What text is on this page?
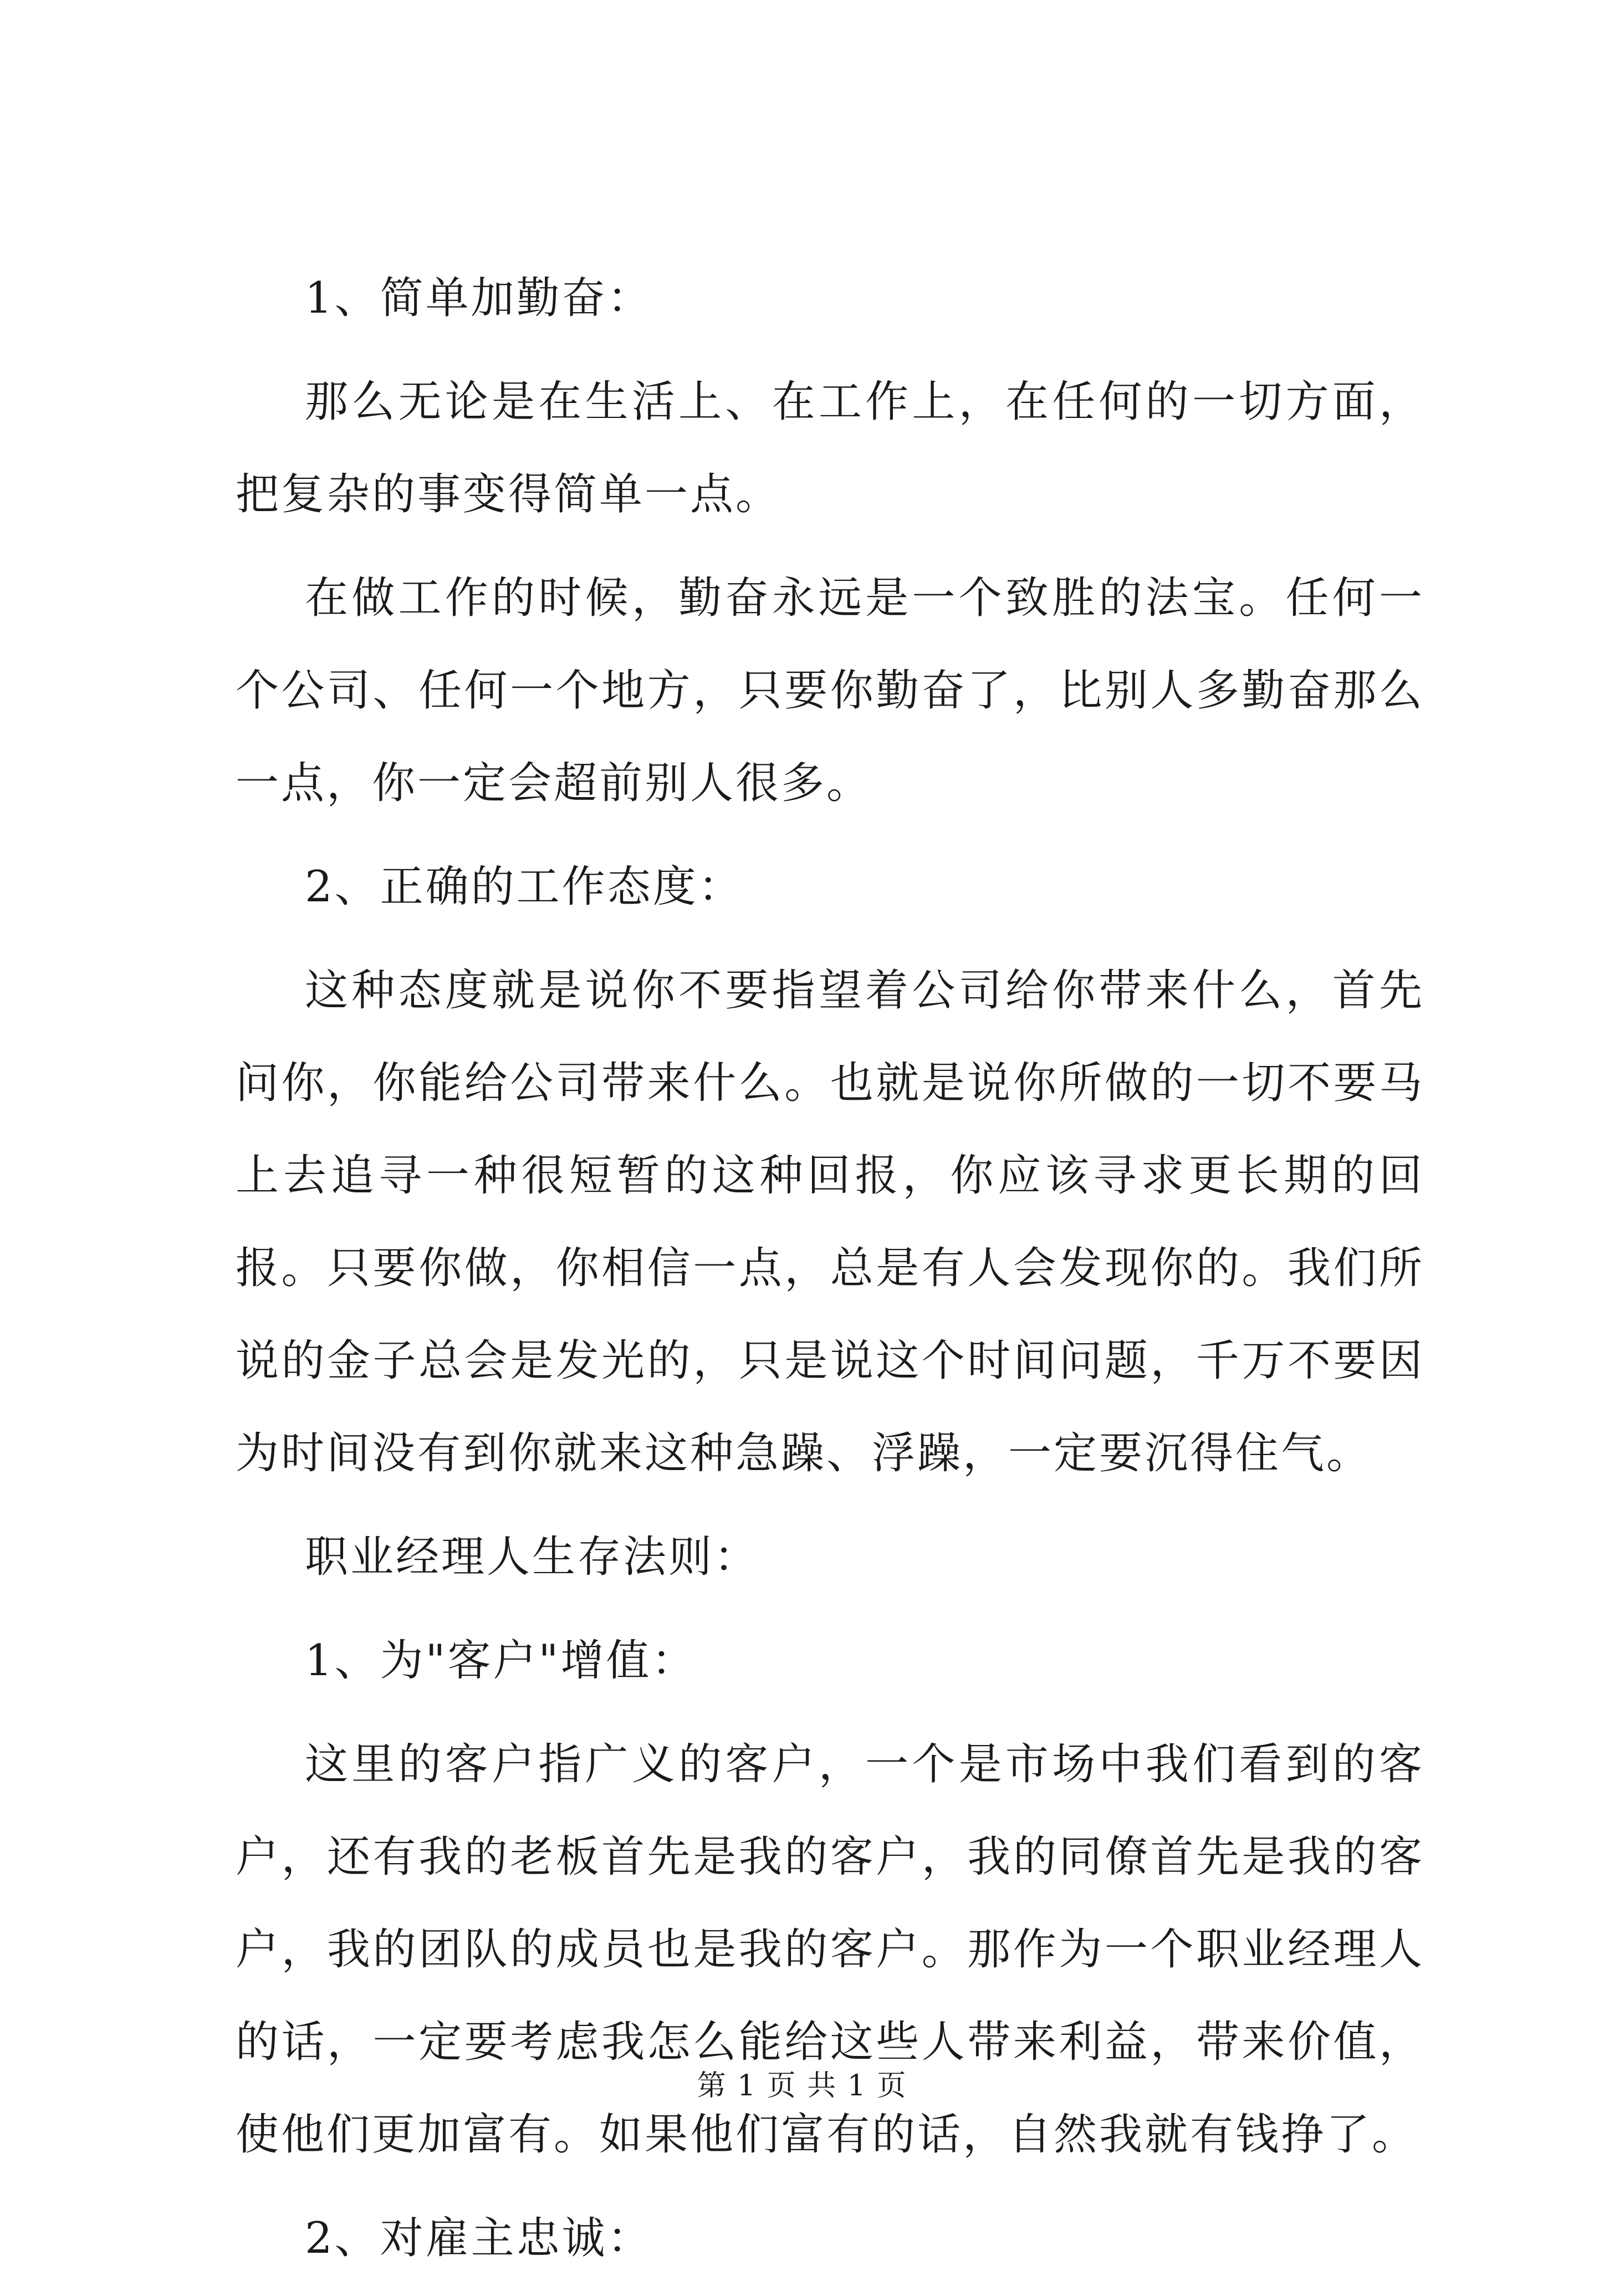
1、简单加勤奋：

那么无论是在生活上、在工作上，在任何的一切方面，把复杂的事变得简单一点。

在做工作的时候，勤奋永远是一个致胜的法宝。任何一个公司、任何一个地方，只要你勤奋了，比别人多勤奋那么一点，你一定会超前别人很多。

2、正确的工作态度：

这种态度就是说你不要指望着公司给你带来什么，首先问你，你能给公司带来什么。也就是说你所做的一切不要马上去追寻一种很短暂的这种回报，你应该寻求更长期的回报。只要你做，你相信一点，总是有人会发现你的。我们所说的金子总会是发光的，只是说这个时间问题，千万不要因为时间没有到你就来这种急躁、浮躁，一定要沉得住气。

职业经理人生存法则：

1、为"客户"增值：

这里的客户指广义的客户，一个是市场中我们看到的客户，还有我的老板首先是我的客户，我的同僚首先是我的客户，我的团队的成员也是我的客户。那作为一个职业经理人的话，一定要考虑我怎么能给这些人带来利益，带来价值，使他们更加富有。如果他们富有的话，自然我就有钱挣了。

2、对雇主忠诚：

第 1 页 共 1 页
